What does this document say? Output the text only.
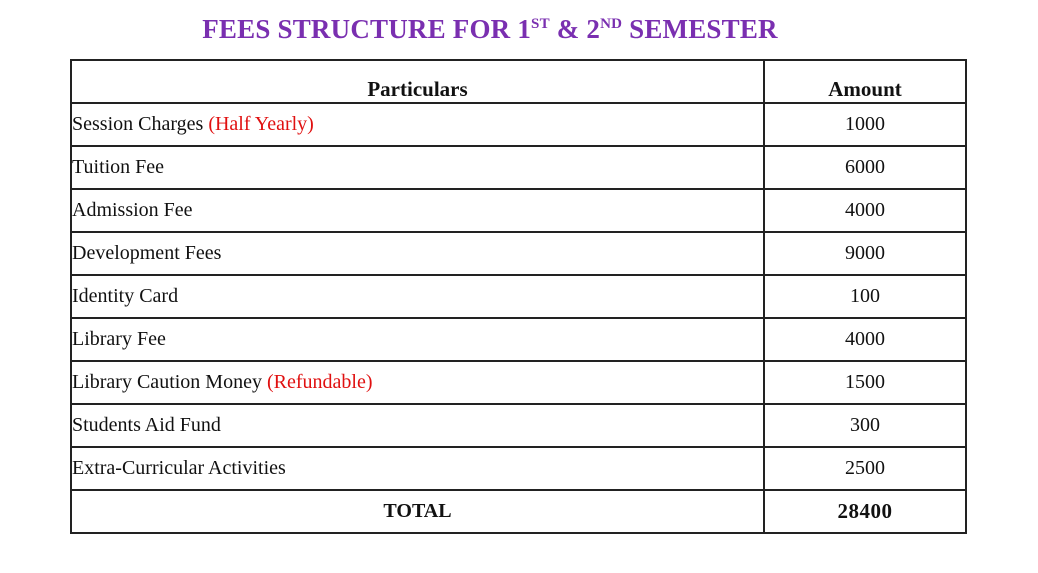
FEES STRUCTURE FOR 1ST & 2ND SEMESTER
Particulars	Amount
Session Charges (Half Yearly)	1000
Tuition Fee	6000
Admission Fee	4000
Development Fees	9000
Identity Card	100
Library Fee	4000
Library Caution Money (Refundable)	1500
Students Aid Fund	300
Extra-Curricular Activities	2500
TOTAL	28400
